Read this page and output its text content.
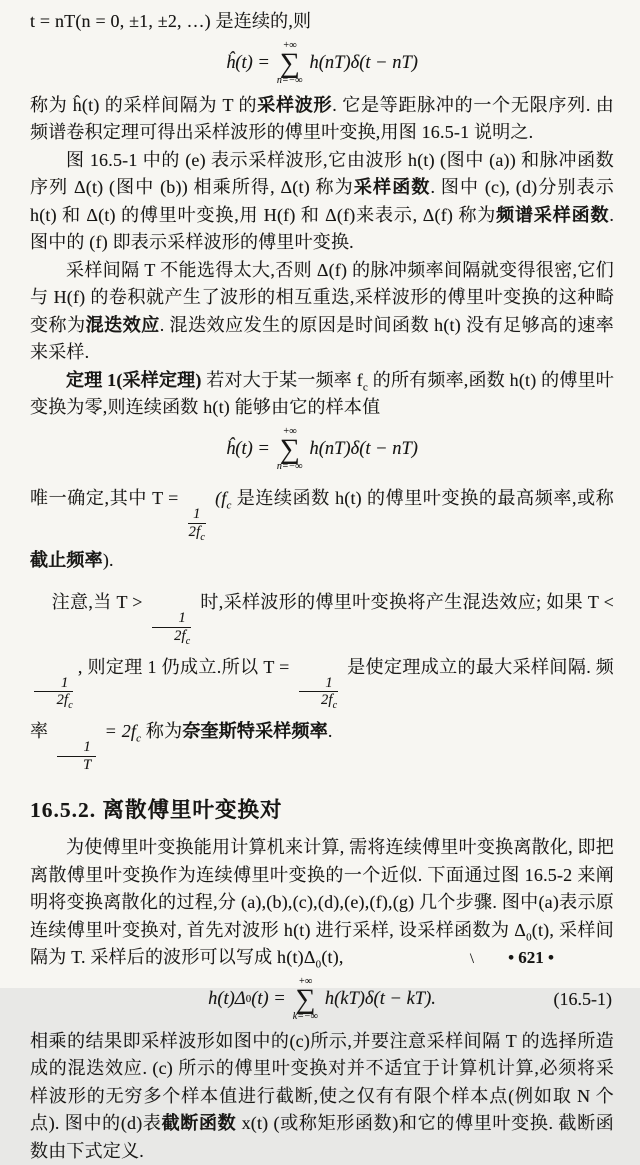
t = nT(n = 0, ±1, ±2, …) 是连续的,则

ĥ(t) =
+∞
∑
n=−∞
h(nT)δ(t − nT)

称为 ĥ(t) 的采样间隔为 T 的采样波形. 它是等距脉冲的一个无限序列. 由频谱卷积定理可得出采样波形的傅里叶变换,用图 16.5-1 说明之.

图 16.5-1 中的 (e) 表示采样波形,它由波形 h(t) (图中 (a)) 和脉冲函数序列 Δ(t) (图中 (b)) 相乘所得, Δ(t) 称为采样函数. 图中 (c), (d)分别表示 h(t) 和 Δ(t) 的傅里叶变换,用 H(f) 和 Δ(f)来表示, Δ(f) 称为频谱采样函数. 图中的 (f) 即表示采样波形的傅里叶变换.

采样间隔 T 不能选得太大,否则 Δ(f) 的脉冲频率间隔就变得很密,它们与 H(f) 的卷积就产生了波形的相互重迭,采样波形的傅里叶变换的这种畸变称为混迭效应. 混迭效应发生的原因是时间函数 h(t) 没有足够高的速率来采样.

定理 1(采样定理) 若对大于某一频率 $f_c$ 的所有频率,函数 h(t) 的傅里叶变换为零,则连续函数 h(t) 能够由它的样本值

ĥ(t) =
+∞
∑
n=−∞
h(nT)δ(t − nT)

唯一确定,其中 T =
$\frac{1}{2f_c}$
($f_c$ 是连续函数 h(t) 的傅里叶变换的最高频率,或称截止频率).

注意,当 T >
$\frac{1}{2f_c}$
时,采样波形的傅里叶变换将产生混迭效应; 如果 T <
$\frac{1}{2f_c}$
, 则定理 1 仍成立.所以 T =
$\frac{1}{2f_c}$
是使定理成立的最大采样间隔. 频率
$\frac{1}{T}$
= $2f_c$ 称为奈奎斯特采样频率.

16.5.2. 离散傅里叶变换对

为使傅里叶变换能用计算机来计算, 需将连续傅里叶变换离散化, 即把离散傅里叶变换作为连续傅里叶变换的一个近似. 下面通过图 16.5-2 来阐明将变换离散化的过程,分 (a),(b),(c),(d),(e),(f),(g) 几个步骤. 图中(a)表示原连续傅里叶变换对, 首先对波形 h(t) 进行采样, 设采样函数为 $\Delta_0(t)$, 采样间隔为 T. 采样后的波形可以写成 $h(t)\Delta_0(t)$,

h(t)Δ 0 (t) =
+∞
∑
k=−∞
h(kT)δ(t − kT).	(16.5-1)

相乘的结果即采样波形如图中的(c)所示,并要注意采样间隔 T 的选择所造成的混迭效应. (c) 所示的傅里叶变换对并不适宜于计算机计算,必须将采样波形的无穷多个样本值进行截断,使之仅有有限个样本点(例如取 N 个点). 图中的(d)表截断函数 x(t) (或称矩形函数)和它的傅里叶变换. 截断函数由下式定义.

\ • 621 •
